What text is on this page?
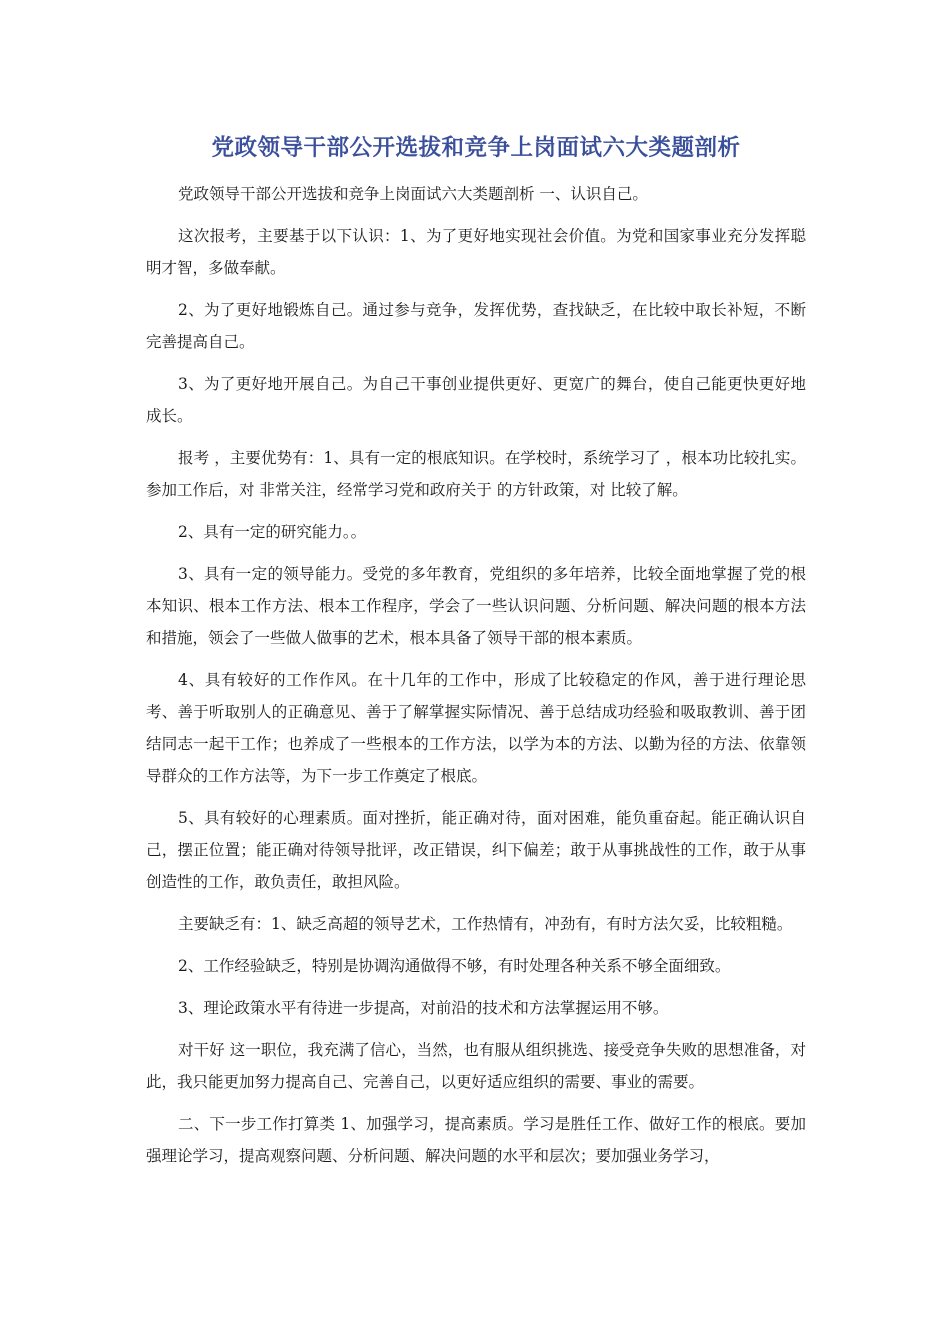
党政领导干部公开选拔和竞争上岗面试六大类题剖析

党政领导干部公开选拔和竞争上岗面试六大类题剖析 一、认识自己。

这次报考，主要基于以下认识：1、为了更好地实现社会价值。为党和国家事业充分发挥聪明才智，多做奉献。

2、为了更好地锻炼自己。通过参与竞争，发挥优势，查找缺乏，在比较中取长补短，不断完善提高自己。

3、为了更好地开展自己。为自己干事创业提供更好、更宽广的舞台，使自己能更快更好地成长。

报考 ，主要优势有：1、具有一定的根底知识。在学校时，系统学习了 ，根本功比较扎实。参加工作后，对 非常关注，经常学习党和政府关于 的方针政策，对 比较了解。

2、具有一定的研究能力。。

3、具有一定的领导能力。受党的多年教育，党组织的多年培养，比较全面地掌握了党的根本知识、根本工作方法、根本工作程序，学会了一些认识问题、分析问题、解决问题的根本方法和措施，领会了一些做人做事的艺术，根本具备了领导干部的根本素质。

4、具有较好的工作作风。在十几年的工作中，形成了比较稳定的作风，善于进行理论思考、善于听取别人的正确意见、善于了解掌握实际情况、善于总结成功经验和吸取教训、善于团结同志一起干工作；也养成了一些根本的工作方法，以学为本的方法、以勤为径的方法、依靠领导群众的工作方法等，为下一步工作奠定了根底。

5、具有较好的心理素质。面对挫折，能正确对待，面对困难，能负重奋起。能正确认识自己，摆正位置；能正确对待领导批评，改正错误，纠下偏差；敢于从事挑战性的工作，敢于从事创造性的工作，敢负责任，敢担风险。

主要缺乏有：1、缺乏高超的领导艺术，工作热情有，冲劲有，有时方法欠妥，比较粗糙。

2、工作经验缺乏，特别是协调沟通做得不够，有时处理各种关系不够全面细致。

3、理论政策水平有待进一步提高，对前沿的技术和方法掌握运用不够。

对干好 这一职位，我充满了信心，当然，也有服从组织挑选、接受竞争失败的思想准备，对此，我只能更加努力提高自己、完善自己，以更好适应组织的需要、事业的需要。

二、下一步工作打算类 1、加强学习，提高素质。学习是胜任工作、做好工作的根底。要加强理论学习，提高观察问题、分析问题、解决问题的水平和层次；要加强业务学习，
